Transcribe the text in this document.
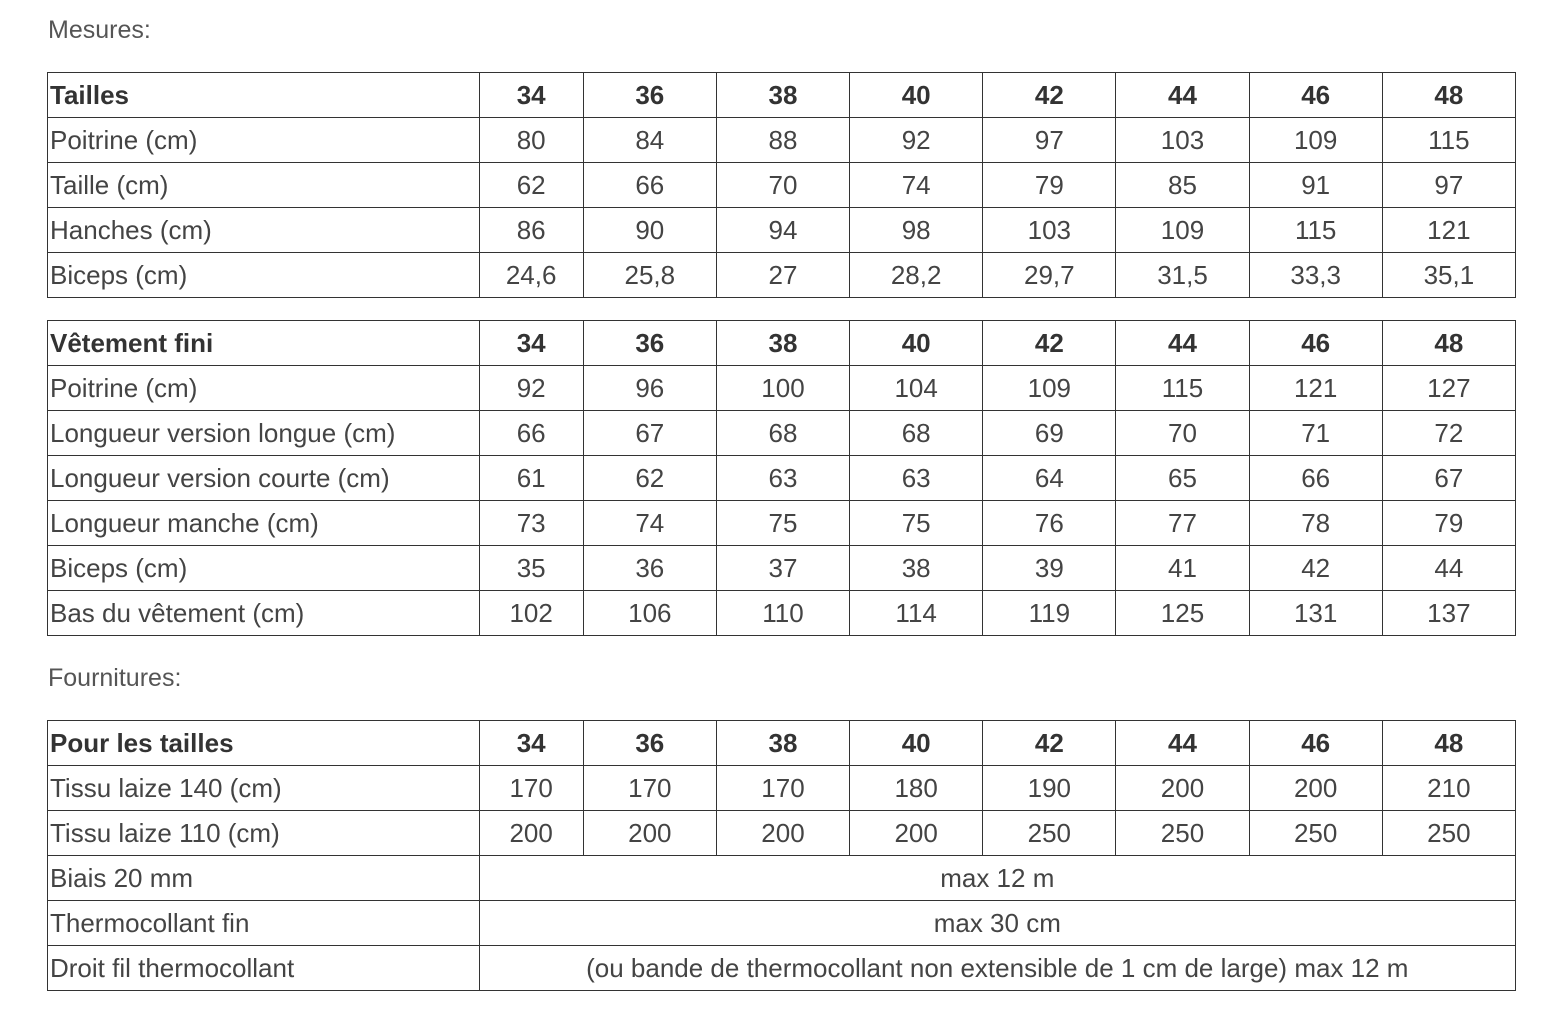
Mesures:
Tailles	34	36	38	40	42	44	46	48
Poitrine (cm)	80	84	88	92	97	103	109	115
Taille (cm)	62	66	70	74	79	85	91	97
Hanches (cm)	86	90	94	98	103	109	115	121
Biceps (cm)	24,6	25,8	27	28,2	29,7	31,5	33,3	35,1
Vêtement fini	34	36	38	40	42	44	46	48
Poitrine (cm)	92	96	100	104	109	115	121	127
Longueur version longue (cm)	66	67	68	68	69	70	71	72
Longueur version courte (cm)	61	62	63	63	64	65	66	67
Longueur manche (cm)	73	74	75	75	76	77	78	79
Biceps (cm)	35	36	37	38	39	41	42	44
Bas du vêtement (cm)	102	106	110	114	119	125	131	137
Fournitures:
Pour les tailles	34	36	38	40	42	44	46	48
Tissu laize 140 (cm)	170	170	170	180	190	200	200	210
Tissu laize 110 (cm)	200	200	200	200	250	250	250	250
Biais 20 mm	max 12 m							
Thermocollant fin	max 30 cm							
Droit fil thermocollant	(ou bande de thermocollant non extensible de 1 cm de large) max 12 m							
